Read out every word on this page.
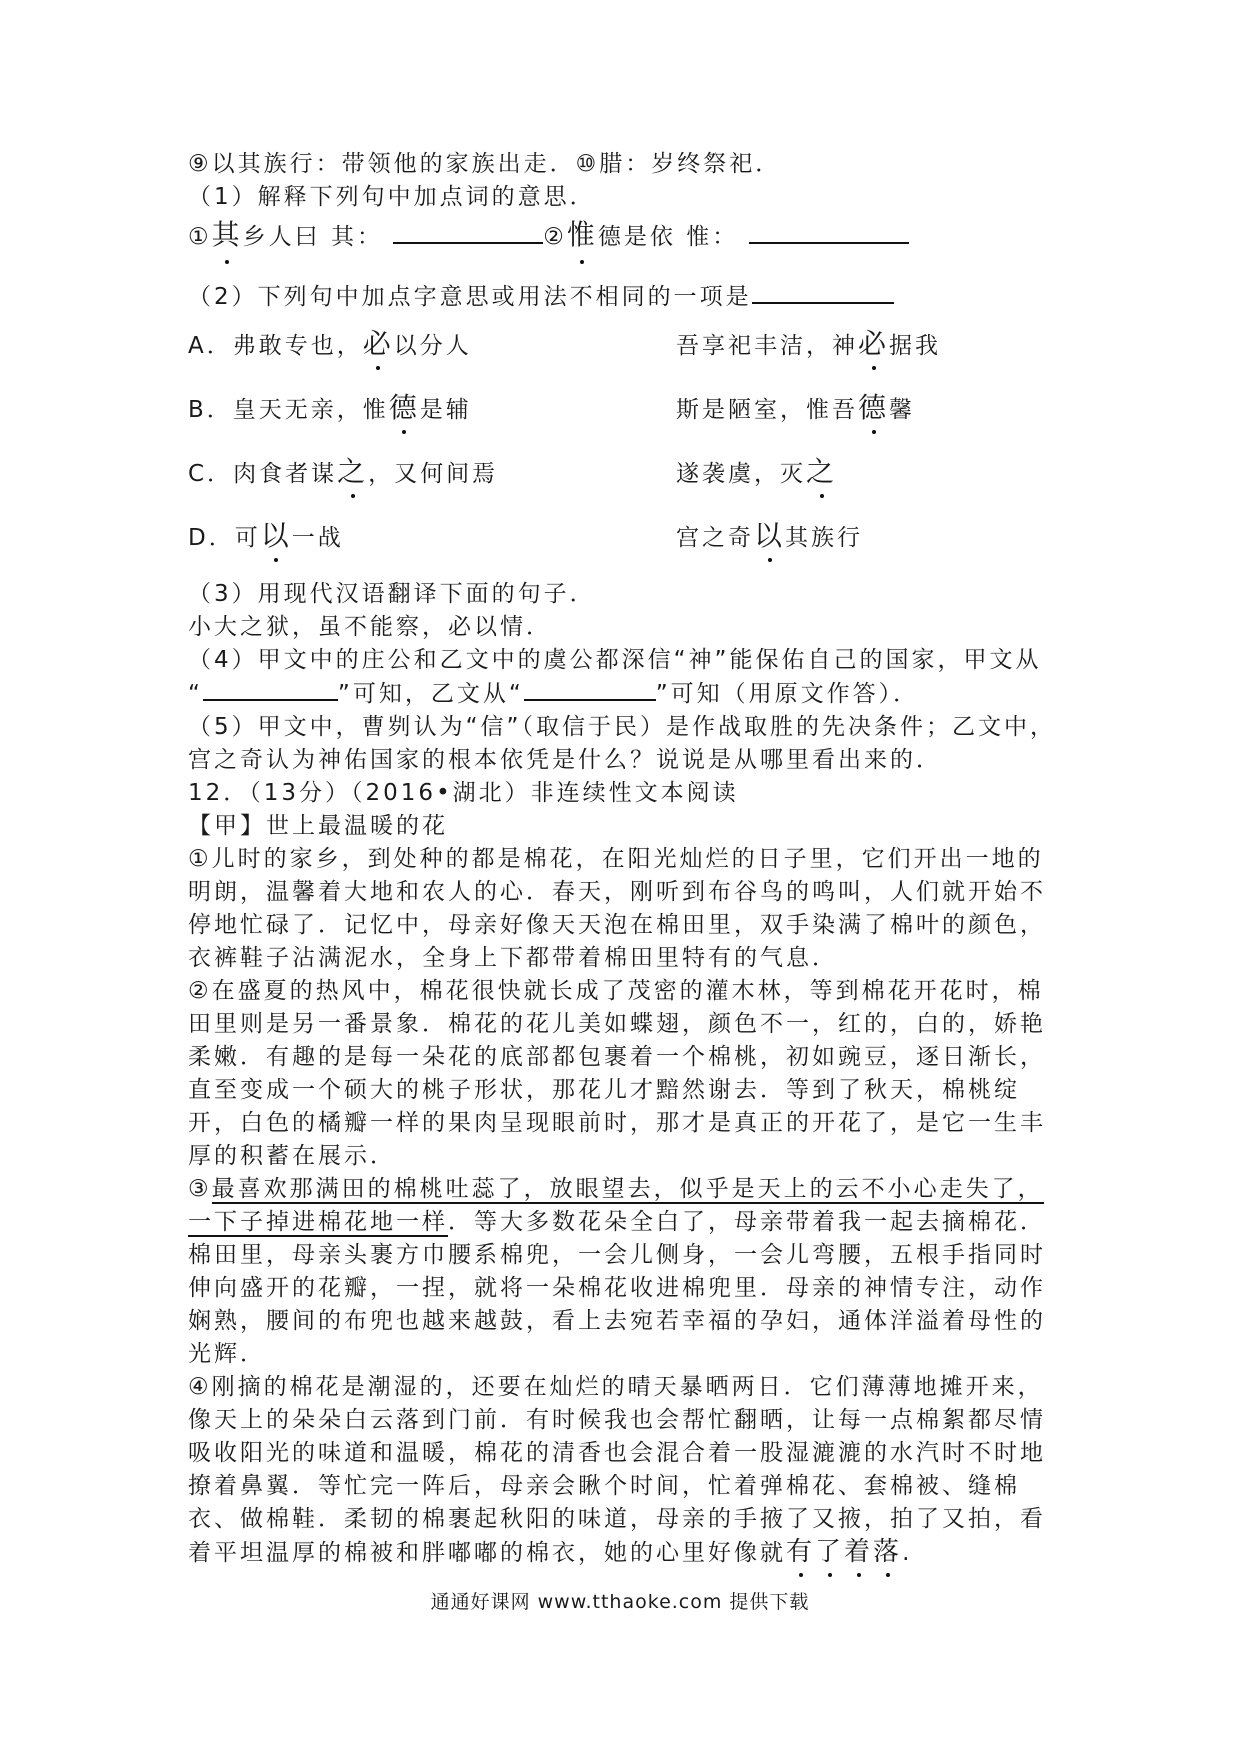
⑨以其族行：带领他的家族出走．⑩腊：岁终祭祀．
（1）解释下列句中加点词的意思．
①其乡人曰 其：	②惟德是依 惟：
（2）下列句中加点字意思或用法不相同的一项是
A．弗敢专也，必以分人	吾享祀丰洁，神必据我
B．皇天无亲，惟德是辅	斯是陋室，惟吾德馨
C．肉食者谋之，又何间焉	遂袭虞，灭之
D．可以一战	宫之奇以其族行
（3）用现代汉语翻译下面的句子．
小大之狱，虽不能察，必以情．
（4）甲文中的庄公和乙文中的虞公都深信“神”能保佑自己的国家，甲文从
“	”可知，乙文从“	”可知（用原文作答）．
（5）甲文中，曹刿认为“信”（取信于民）是作战取胜的先决条件；乙文中，
宫之奇认为神佑国家的根本依凭是什么？说说是从哪里看出来的．
12．（13分）（2016•湖北）非连续性文本阅读
【甲】世上最温暖的花
①儿时的家乡，到处种的都是棉花，在阳光灿烂的日子里，它们开出一地的明朗，温馨着大地和农人的心．春天，刚听到布谷鸟的鸣叫，人们就开始不停地忙碌了．记忆中，母亲好像天天泡在棉田里，双手染满了棉叶的颜色，衣裤鞋子沾满泥水，全身上下都带着棉田里特有的气息．
②在盛夏的热风中，棉花很快就长成了茂密的灌木林，等到棉花开花时，棉田里则是另一番景象．棉花的花儿美如蝶翅，颜色不一，红的，白的，娇艳柔嫩．有趣的是每一朵花的底部都包裹着一个棉桃，初如豌豆，逐日渐长，直至变成一个硕大的桃子形状，那花儿才黯然谢去．等到了秋天，棉桃绽开，白色的橘瓣一样的果肉呈现眼前时，那才是真正的开花了，是它一生丰厚的积蓄在展示．
③最喜欢那满田的棉桃吐蕊了，放眼望去，似乎是天上的云不小心走失了，一下子掉进棉花地一样．等大多数花朵全白了，母亲带着我一起去摘棉花．棉田里，母亲头裹方巾腰系棉兜，一会儿侧身，一会儿弯腰，五根手指同时伸向盛开的花瓣，一捏，就将一朵棉花收进棉兜里．母亲的神情专注，动作娴熟，腰间的布兜也越来越鼓，看上去宛若幸福的孕妇，通体洋溢着母性的光辉．
④刚摘的棉花是潮湿的，还要在灿烂的晴天暴晒两日．它们薄薄地摊开来，像天上的朵朵白云落到门前．有时候我也会帮忙翻晒，让每一点棉絮都尽情吸收阳光的味道和温暖，棉花的清香也会混合着一股湿漉漉的水汽时不时地撩着鼻翼．等忙完一阵后，母亲会瞅个时间，忙着弹棉花、套棉被、缝棉衣、做棉鞋．柔韧的棉裹起秋阳的味道，母亲的手掖了又掖，拍了又拍，看着平坦温厚的棉被和胖嘟嘟的棉衣，她的心里好像就有了着落.
通通好课网 www.tthaoke.com 提供下载
